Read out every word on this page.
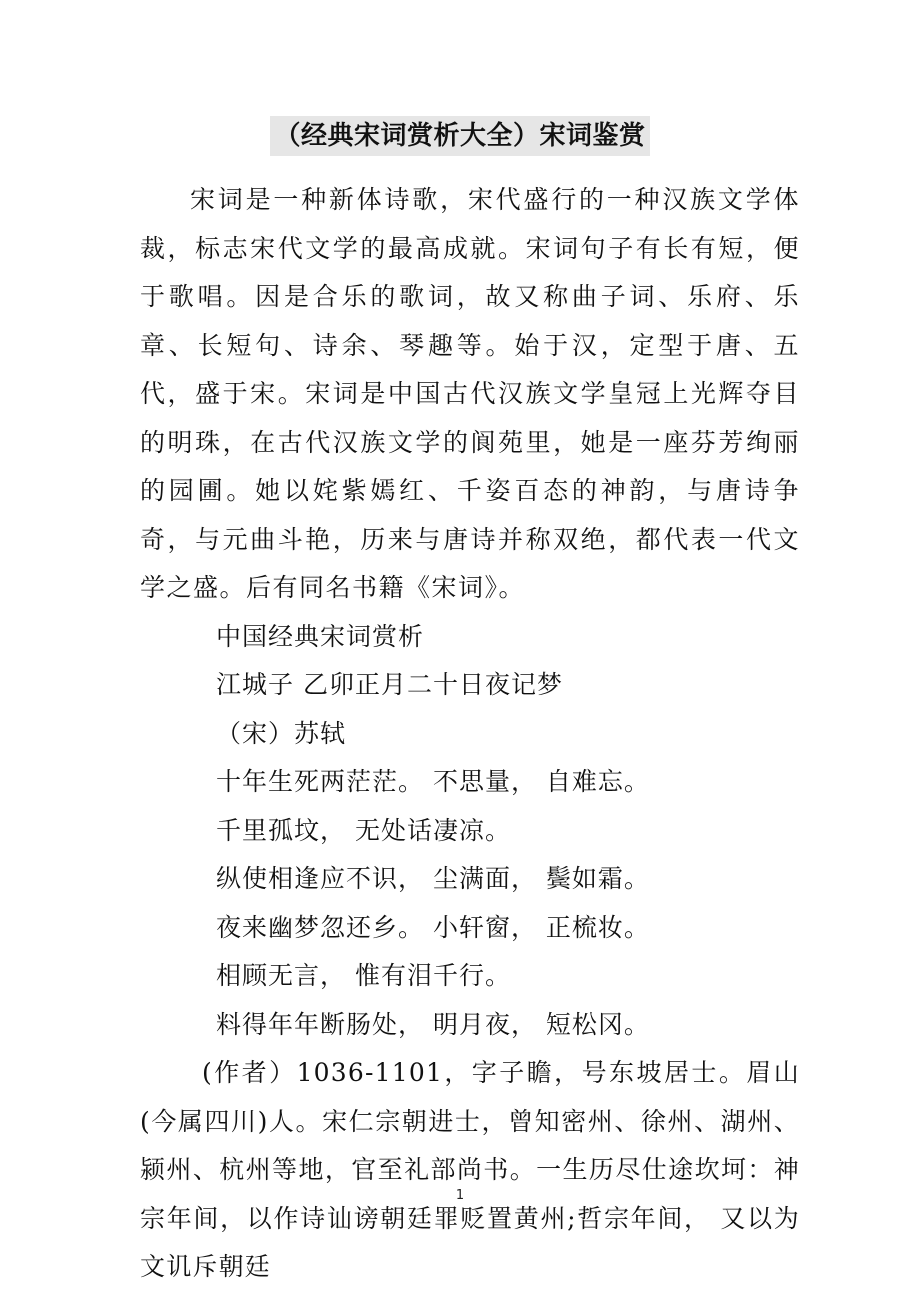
（经典宋词赏析大全）宋词鉴赏

宋词是一种新体诗歌，宋代盛行的一种汉族文学体裁，标志宋代文学的最高成就。宋词句子有长有短，便于歌唱。因是合乐的歌词，故又称曲子词、乐府、乐章、长短句、诗余、琴趣等。始于汉，定型于唐、五代，盛于宋。宋词是中国古代汉族文学皇冠上光辉夺目的明珠，在古代汉族文学的阆苑里，她是一座芬芳绚丽的园圃。她以姹紫嫣红、千姿百态的神韵，与唐诗争奇，与元曲斗艳，历来与唐诗并称双绝，都代表一代文学之盛。后有同名书籍《宋词》。

中国经典宋词赏析

江城子 乙卯正月二十日夜记梦

（宋）苏轼

十年生死两茫茫。 不思量， 自难忘。

千里孤坟， 无处话凄凉。

纵使相逢应不识， 尘满面， 鬓如霜。

夜来幽梦忽还乡。 小轩窗， 正梳妆。

相顾无言， 惟有泪千行。

料得年年断肠处， 明月夜， 短松冈。

(作者）1036-1101，字子瞻，号东坡居士。眉山(今属四川)人。宋仁宗朝进士，曾知密州、徐州、湖州、颍州、杭州等地，官至礼部尚书。一生历尽仕途坎坷：神宗年间，以作诗讪谤朝廷罪贬置黄州;哲宗年间， 又以为文讥斥朝廷

1
